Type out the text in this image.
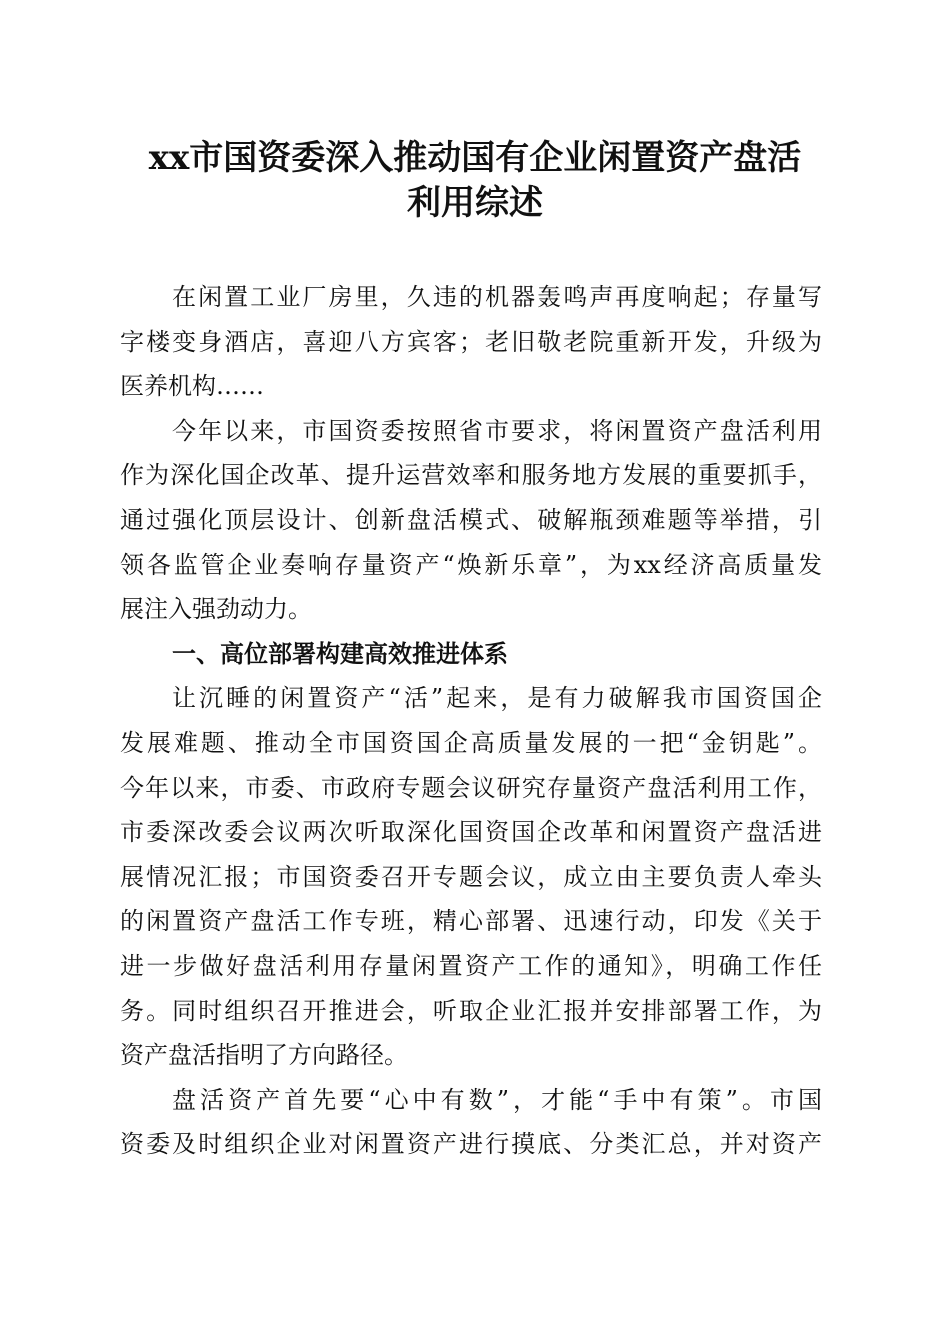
xx市国资委深入推动国有企业闲置资产盘活
利用综述
在闲置工业厂房里，久违的机器轰鸣声再度响起；存量写
字楼变身酒店，喜迎八方宾客；老旧敬老院重新开发，升级为
医养机构……
今年以来，市国资委按照省市要求，将闲置资产盘活利用
作为深化国企改革、提升运营效率和服务地方发展的重要抓手，
通过强化顶层设计、创新盘活模式、破解瓶颈难题等举措，引
领各监管企业奏响存量资产“焕新乐章”，为xx经济高质量发
展注入强劲动力。
一、高位部署构建高效推进体系
让沉睡的闲置资产“活”起来，是有力破解我市国资国企
发展难题、推动全市国资国企高质量发展的一把“金钥匙”。
今年以来，市委、市政府专题会议研究存量资产盘活利用工作，
市委深改委会议两次听取深化国资国企改革和闲置资产盘活进
展情况汇报；市国资委召开专题会议，成立由主要负责人牵头
的闲置资产盘活工作专班，精心部署、迅速行动，印发《关于
进一步做好盘活利用存量闲置资产工作的通知》，明确工作任
务。同时组织召开推进会，听取企业汇报并安排部署工作，为
资产盘活指明了方向路径。
盘活资产首先要“心中有数”，才能“手中有策”。市国
资委及时组织企业对闲置资产进行摸底、分类汇总，并对资产
